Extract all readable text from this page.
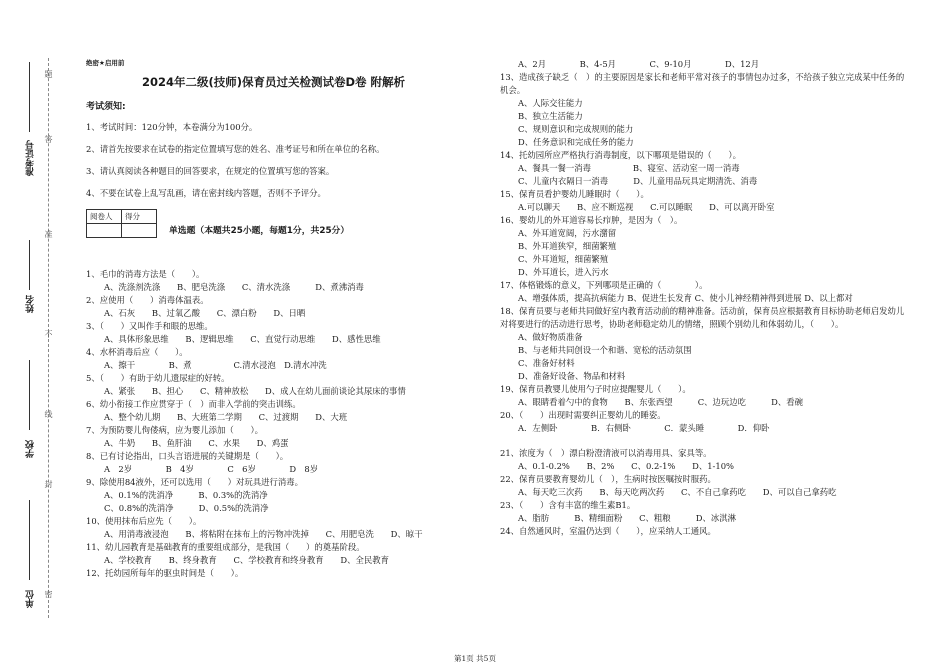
准考证号
姓名
学校
单位
题
答
准
不
线
封
密
绝密★启用前
2024年二级(技师)保育员过关检测试卷D卷 附解析
考试须知:

1、考试时间：120分钟，本卷满分为100分。

2、请首先按要求在试卷的指定位置填写您的姓名、准考证号和所在单位的名称。

3、请认真阅读各种题目的回答要求，在规定的位置填写您的答案。

4、不要在试卷上乱写乱画，请在密封线内答题，否则不予评分。

阅卷人	得分

单选题（本题共25小题，每题1分，共25分）

1、毛巾的消毒方法是（　　）。

A、洗涤剂洗涤　　B、肥皂洗涤　　C、清水洗涤　　　D、煮沸消毒

2、应使用（　　）消毒体温表。

A、石灰　　B、过氧乙酸　　C、漂白粉　　D、日晒

3、（　　）又叫作手和眼的思维。

A、具体形象思维　　B、逻辑思维　　C、直觉行动思维　　D、感性思维

4、水杯消毒后应（　　）。

A、擦干　　　　B、煮　　　　　C.清水浸泡　D.清水冲洗

5、（　　）有助于幼儿遗尿症的好转。

A、紧张　　B、担心　　C、精神放松　　D、成人在幼儿面前谈论其尿床的事情

6、幼小衔接工作应贯穿于（　）而非入学前的突击训练。

A、整个幼儿期　　B、大班第二学期　　C、过渡期　　D、大班

7、为预防婴儿佝偻病，应为婴儿添加（　　）。

A、牛奶　　B、鱼肝油　　C、水果　　D、鸡蛋

8、已有讨论指出，口头言语进展的关键期是（　　）。

A　2岁　　　　B　4岁　　　　C　6岁　　　　D　8岁

9、除使用84液外，还可以选用（　　）对玩具进行消毒。

A、0.1%的洗消净　　　B、0.3%的洗消净
C、0.8%的洗消净　　　D、0.5%的洗消净

10、使用抹布后应先（　　）。

A、用消毒液浸泡　　B、将粘附在抹布上的污物冲洗掉　　C、用肥皂洗　　D、晾干

11、幼儿园教育是基础教育的重要组成部分，是我国（　　）的奠基阶段。

A、学校教育　　B、终身教育　　C、学校教育和终身教育　　D、全民教育

12、托幼园所每年的驱虫时间是（　　）。

A、2月　　　　B、4-5月　　　　C、9-10月　　　　D、12月

13、造成孩子缺乏（　）的主要原因是家长和老师平常对孩子的事情包办过多，不给孩子独立完成某中任务的机会。

A、人际交往能力
B、独立生活能力
C、规则意识和完成规则的能力
D、任务意识和完成任务的能力

14、托幼园所应严格执行消毒制度，以下哪项是错误的（　　）。

A、餐具一餐一消毒　　　　　B、寝室、活动室一周一消毒
C、儿童内衣隔日一消毒　　　D、儿童用品玩具定期清洗、消毒

15、保育员看护婴幼儿睡眠时（　　）。

A.可以聊天　　B、应不断巡视　　C.可以睡眠　　D、可以离开卧室

16、婴幼儿的外耳道容易长疖肿，是因为（　）。

A、外耳道宽阔，污水潴留
B、外耳道狭窄，细菌繁殖
C、外耳道短，细菌繁殖
D、外耳道长，进入污水

17、体格锻炼的意义，下列哪项是正确的（　　　　）。

A、增强体质，提高抗病能力 B、促进生长发育 C、使小儿神经精神得到进展 D、以上都对

18、保育员要与老师共同做好室内教育活动前的精神准备。活动前，保育员应根据教育目标协助老师启发幼儿对将要进行的活动进行思考，协助老师稳定幼儿的情绪，照顾个别幼儿和体弱幼儿，（　　）。

A、做好物质准备
B、与老师共同创设一个和谐、宽松的活动氛围
C、准备好材料
D、准备好设备、物品和材料

19、保育员教婴儿使用勺子时应提醒婴儿（　　）。

A、眼睛看着勺中的食物　　B、东张西望　　　C、边玩边吃　　　D、看碗

20、（　　）出现时需要纠正婴幼儿的睡姿。

A．左侧卧　　　　B．右侧卧　　　　C．蒙头睡　　　　D．仰卧

21、浓度为（　）漂白粉澄清液可以消毒用具、家具等。

A、0.1-0.2%　　B、2%　　C、0.2-1%　　D、1-10%

22、保育员要教育婴幼儿（　），生病时按医嘱按时服药。

A、每天吃三次药　　B、每天吃两次药　　C、不自己拿药吃　　D、可以自己拿药吃

23、（　　）含有丰富的维生素B1。

A、脂肪　　　B、精细面粉　　C、粗粮　　　D、冰淇淋

24、自然通风时，室温仍达到（　　），应采纳人工通风。

第1页 共5页
